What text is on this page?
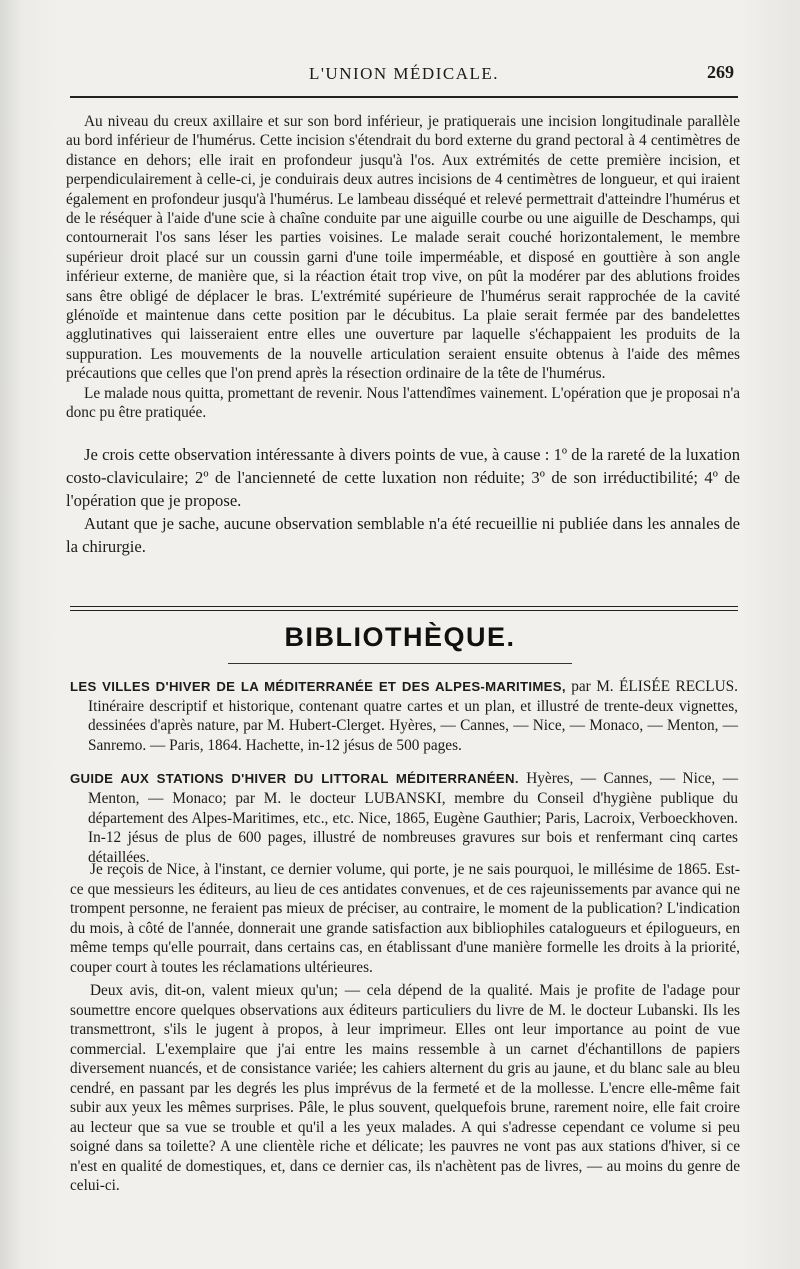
L'UNION MÉDICALE.	269

Au niveau du creux axillaire et sur son bord inférieur, je pratiquerais une incision longitudinale parallèle au bord inférieur de l'humérus. Cette incision s'étendrait du bord externe du grand pectoral à 4 centimètres de distance en dehors; elle irait en profondeur jusqu'à l'os. Aux extrémités de cette première incision, et perpendiculairement à celle-ci, je conduirais deux autres incisions de 4 centimètres de longueur, et qui iraient également en profondeur jusqu'à l'humérus. Le lambeau disséqué et relevé permettrait d'atteindre l'humérus et de le réséquer à l'aide d'une scie à chaîne conduite par une aiguille courbe ou une aiguille de Deschamps, qui contournerait l'os sans léser les parties voisines. Le malade serait couché horizontalement, le membre supérieur droit placé sur un coussin garni d'une toile imperméable, et disposé en gouttière à son angle inférieur externe, de manière que, si la réaction était trop vive, on pût la modérer par des ablutions froides sans être obligé de déplacer le bras. L'extrémité supérieure de l'humérus serait rapprochée de la cavité glénoïde et maintenue dans cette position par le décubitus. La plaie serait fermée par des bandelettes agglutinatives qui laisseraient entre elles une ouverture par laquelle s'échappaient les produits de la suppuration. Les mouvements de la nouvelle articulation seraient ensuite obtenus à l'aide des mêmes précautions que celles que l'on prend après la résection ordinaire de la tête de l'humérus.

Le malade nous quitta, promettant de revenir. Nous l'attendîmes vainement. L'opération que je proposai n'a donc pu être pratiquée.

Je crois cette observation intéressante à divers points de vue, à cause : 1º de la rareté de la luxation costo-claviculaire; 2º de l'ancienneté de cette luxation non réduite; 3º de son irréductibilité; 4º de l'opération que je propose.

Autant que je sache, aucune observation semblable n'a été recueillie ni publiée dans les annales de la chirurgie.

BIBLIOTHÈQUE.

LES VILLES D'HIVER DE LA MÉDITERRANÉE ET DES ALPES-MARITIMES, par M. ÉLISÉE RECLUS. Itinéraire descriptif et historique, contenant quatre cartes et un plan, et illustré de trente-deux vignettes, dessinées d'après nature, par M. Hubert-Clerget. Hyères, — Cannes, — Nice, — Monaco, — Menton, — Sanremo. — Paris, 1864. Hachette, in-12 jésus de 500 pages.

GUIDE AUX STATIONS D'HIVER DU LITTORAL MÉDITERRANÉEN. Hyères, — Cannes, — Nice, — Menton, — Monaco; par M. le docteur LUBANSKI, membre du Conseil d'hygiène publique du département des Alpes-Maritimes, etc., etc. Nice, 1865, Eugène Gauthier; Paris, Lacroix, Verboeckhoven. In-12 jésus de plus de 600 pages, illustré de nombreuses gravures sur bois et renfermant cinq cartes détaillées.

Je reçois de Nice, à l'instant, ce dernier volume, qui porte, je ne sais pourquoi, le millésime de 1865. Est-ce que messieurs les éditeurs, au lieu de ces antidates convenues, et de ces rajeunissements par avance qui ne trompent personne, ne feraient pas mieux de préciser, au contraire, le moment de la publication? L'indication du mois, à côté de l'année, donnerait une grande satisfaction aux bibliophiles catalogueurs et épilogueurs, en même temps qu'elle pourrait, dans certains cas, en établissant d'une manière formelle les droits à la priorité, couper court à toutes les réclamations ultérieures.

Deux avis, dit-on, valent mieux qu'un; — cela dépend de la qualité. Mais je profite de l'adage pour soumettre encore quelques observations aux éditeurs particuliers du livre de M. le docteur Lubanski. Ils les transmettront, s'ils le jugent à propos, à leur imprimeur. Elles ont leur importance au point de vue commercial. L'exemplaire que j'ai entre les mains ressemble à un carnet d'échantillons de papiers diversement nuancés, et de consistance variée; les cahiers alternent du gris au jaune, et du blanc sale au bleu cendré, en passant par les degrés les plus imprévus de la fermeté et de la mollesse. L'encre elle-même fait subir aux yeux les mêmes surprises. Pâle, le plus souvent, quelquefois brune, rarement noire, elle fait croire au lecteur que sa vue se trouble et qu'il a les yeux malades. A qui s'adresse cependant ce volume si peu soigné dans sa toilette? A une clientèle riche et délicate; les pauvres ne vont pas aux stations d'hiver, si ce n'est en qualité de domestiques, et, dans ce dernier cas, ils n'achètent pas de livres, — au moins du genre de celui-ci.
